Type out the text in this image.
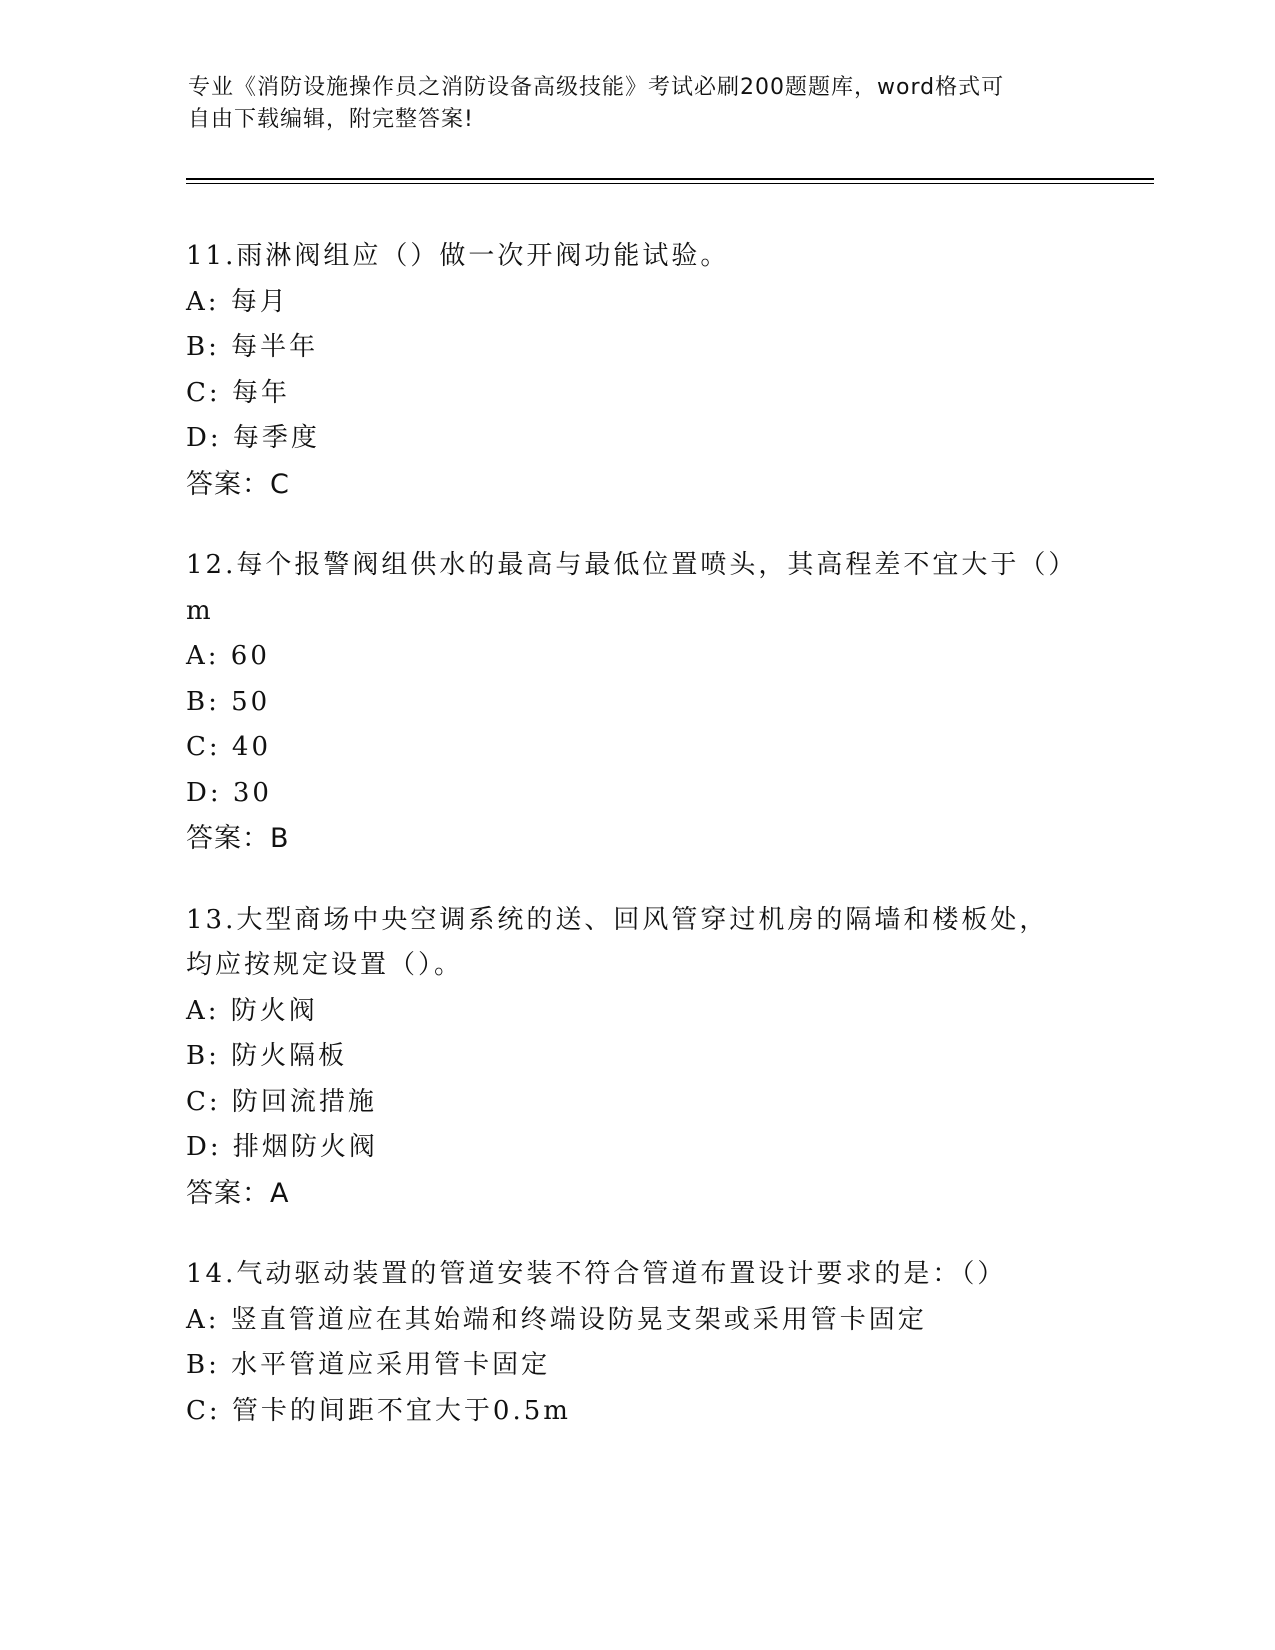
专业《消防设施操作员之消防设备高级技能》考试必刷200题题库，word格式可
自由下载编辑，附完整答案!
11.雨淋阀组应（）做一次开阀功能试验。
A: 每月
B: 每半年
C: 每年
D: 每季度
答案：C
12.每个报警阀组供水的最高与最低位置喷头，其高程差不宜大于（）m
A: 60
B: 50
C: 40
D: 30
答案：B
13.大型商场中央空调系统的送、回风管穿过机房的隔墙和楼板处，均应按规定设置（）。
A: 防火阀
B: 防火隔板
C: 防回流措施
D: 排烟防火阀
答案：A
14.气动驱动装置的管道安装不符合管道布置设计要求的是：（）
A: 竖直管道应在其始端和终端设防晃支架或采用管卡固定
B: 水平管道应采用管卡固定
C: 管卡的间距不宜大于0.5m
